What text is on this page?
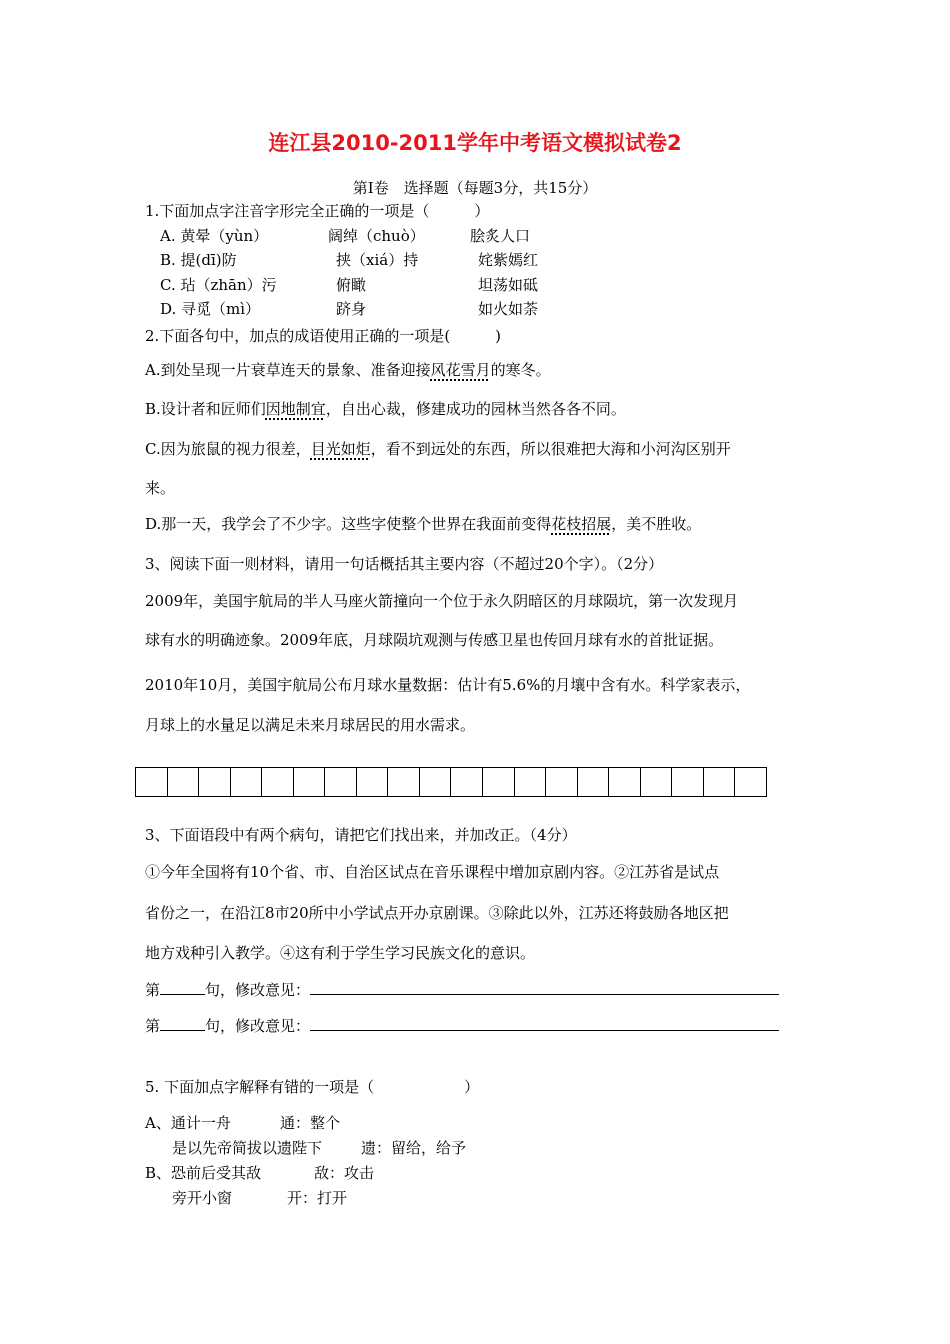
连江县2010-2011学年中考语文模拟试卷2
第Ⅰ卷　选择题（每题3分，共15分）
1.下面加点字注音字形完全正确的一项是（　　　）
A. 黄晕（yùn）	阔绰（chuò）	脍炙人口
B. 提(dī)防	挟（xiá）持	姹紫嫣红
C. 玷（zhān）污	俯瞰	坦荡如砥
D. 寻觅（mì）	跻身	如火如荼
2.下面各句中，加点的成语使用正确的一项是(　　　)
A.到处呈现一片衰草连天的景象、准备迎接风花雪月的寒冬。
B.设计者和匠师们因地制宜，自出心裁，修建成功的园林当然各各不同。
C.因为旅鼠的视力很差，目光如炬，看不到远处的东西，所以很难把大海和小河沟区别开
来。
D.那一天，我学会了不少字。这些字使整个世界在我面前变得花枝招展，美不胜收。
3、阅读下面一则材料，请用一句话概括其主要内容（不超过20个字）。（2分）
2009年，美国宇航局的半人马座火箭撞向一个位于永久阴暗区的月球陨坑，第一次发现月
球有水的明确迹象。2009年底，月球陨坑观测与传感卫星也传回月球有水的首批证据。
2010年10月，美国宇航局公布月球水量数据：估计有5.6%的月壤中含有水。科学家表示，
月球上的水量足以满足未来月球居民的用水需求。
3、下面语段中有两个病句，请把它们找出来，并加改正。（4分）
①今年全国将有10个省、市、自治区试点在音乐课程中增加京剧内容。②江苏省是试点
省份之一，在沿江8市20所中小学试点开办京剧课。③除此以外，江苏还将鼓励各地区把
地方戏种引入教学。④这有利于学生学习民族文化的意识。
第	句，修改意见：
第	句，修改意见：
5. 下面加点字解释有错的一项是（　　　　　　）
A、通计一舟	通：整个
是以先帝简拔以遗陛下	遗：留给，给予
B、恐前后受其敌	敌：攻击
旁开小窗	开：打开
